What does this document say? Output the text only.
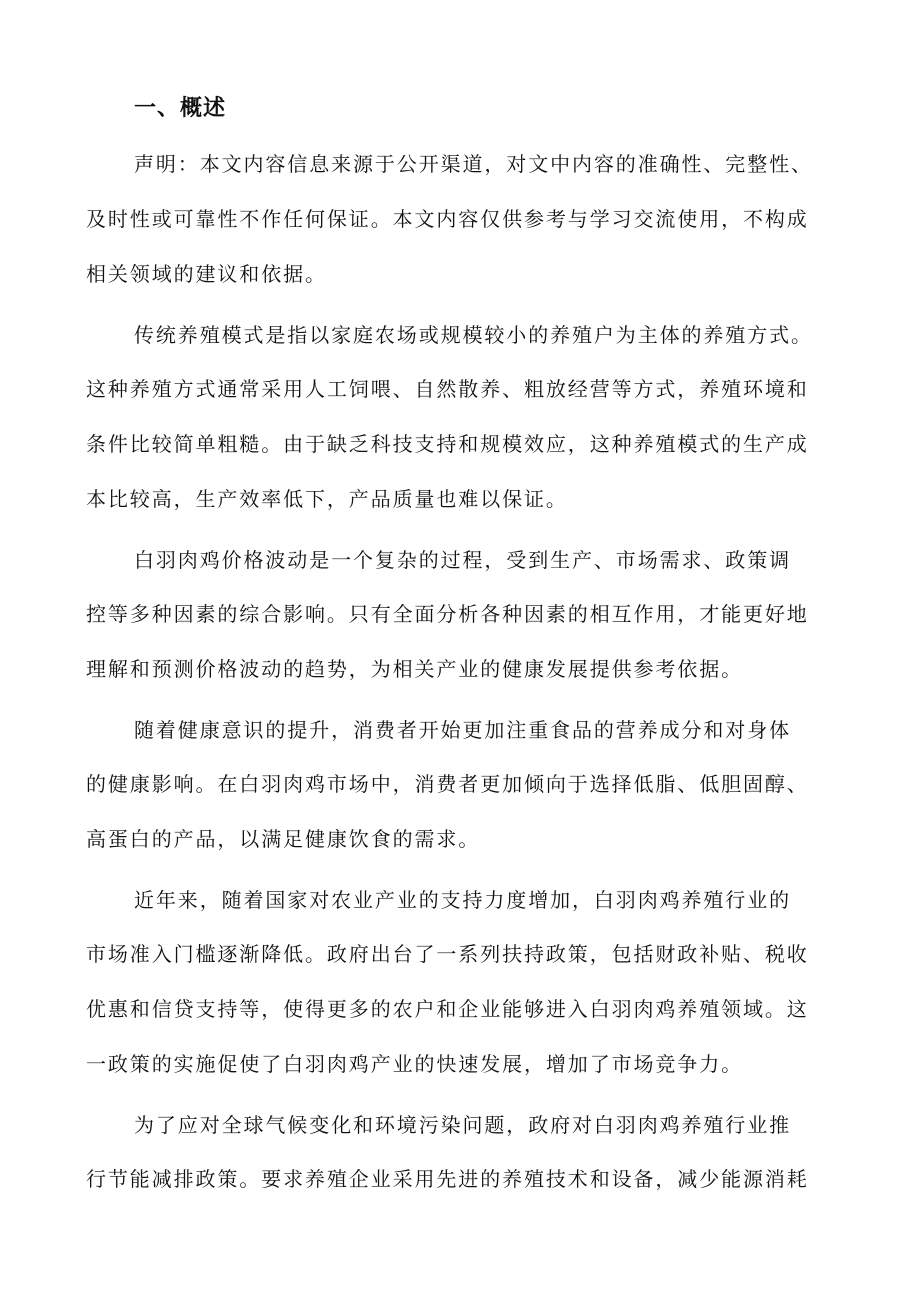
一、概述
声明：本文内容信息来源于公开渠道，对文中内容的准确性、完整性、
及时性或可靠性不作任何保证。本文内容仅供参考与学习交流使用，不构成
相关领域的建议和依据。
传统养殖模式是指以家庭农场或规模较小的养殖户为主体的养殖方式。
这种养殖方式通常采用人工饲喂、自然散养、粗放经营等方式，养殖环境和
条件比较简单粗糙。由于缺乏科技支持和规模效应，这种养殖模式的生产成
本比较高，生产效率低下，产品质量也难以保证。
白羽肉鸡价格波动是一个复杂的过程，受到生产、市场需求、政策调
控等多种因素的综合影响。只有全面分析各种因素的相互作用，才能更好地
理解和预测价格波动的趋势，为相关产业的健康发展提供参考依据。
随着健康意识的提升，消费者开始更加注重食品的营养成分和对身体
的健康影响。在白羽肉鸡市场中，消费者更加倾向于选择低脂、低胆固醇、
高蛋白的产品，以满足健康饮食的需求。
近年来，随着国家对农业产业的支持力度增加，白羽肉鸡养殖行业的
市场准入门槛逐渐降低。政府出台了一系列扶持政策，包括财政补贴、税收
优惠和信贷支持等，使得更多的农户和企业能够进入白羽肉鸡养殖领域。这
一政策的实施促使了白羽肉鸡产业的快速发展，增加了市场竞争力。
为了应对全球气候变化和环境污染问题，政府对白羽肉鸡养殖行业推
行节能减排政策。要求养殖企业采用先进的养殖技术和设备，减少能源消耗
